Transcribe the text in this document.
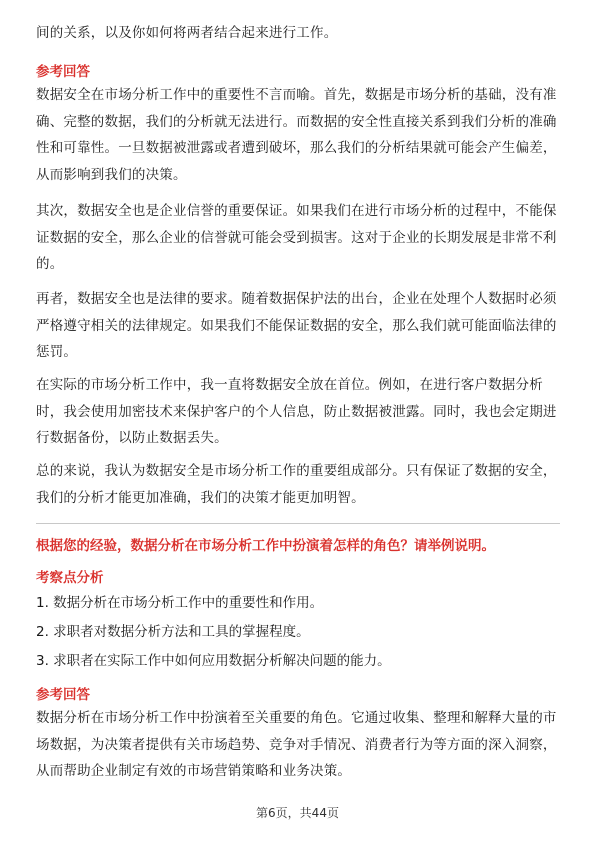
间的关系，以及你如何将两者结合起来进行工作。

参考回答

数据安全在市场分析工作中的重要性不言而喻。首先，数据是市场分析的基础，没有准确、完整的数据，我们的分析就无法进行。而数据的安全性直接关系到我们分析的准确性和可靠性。一旦数据被泄露或者遭到破坏，那么我们的分析结果就可能会产生偏差，从而影响到我们的决策。

其次，数据安全也是企业信誉的重要保证。如果我们在进行市场分析的过程中，不能保证数据的安全，那么企业的信誉就可能会受到损害。这对于企业的长期发展是非常不利的。

再者，数据安全也是法律的要求。随着数据保护法的出台，企业在处理个人数据时必须严格遵守相关的法律规定。如果我们不能保证数据的安全，那么我们就可能面临法律的惩罚。

在实际的市场分析工作中，我一直将数据安全放在首位。例如，在进行客户数据分析时，我会使用加密技术来保护客户的个人信息，防止数据被泄露。同时，我也会定期进行数据备份，以防止数据丢失。

总的来说，我认为数据安全是市场分析工作的重要组成部分。只有保证了数据的安全，我们的分析才能更加准确，我们的决策才能更加明智。

根据您的经验，数据分析在市场分析工作中扮演着怎样的角色？请举例说明。

考察点分析

1. 数据分析在市场分析工作中的重要性和作用。

2. 求职者对数据分析方法和工具的掌握程度。

3. 求职者在实际工作中如何应用数据分析解决问题的能力。

参考回答

数据分析在市场分析工作中扮演着至关重要的角色。它通过收集、整理和解释大量的市场数据，为决策者提供有关市场趋势、竞争对手情况、消费者行为等方面的深入洞察，从而帮助企业制定有效的市场营销策略和业务决策。

第6页，共44页
